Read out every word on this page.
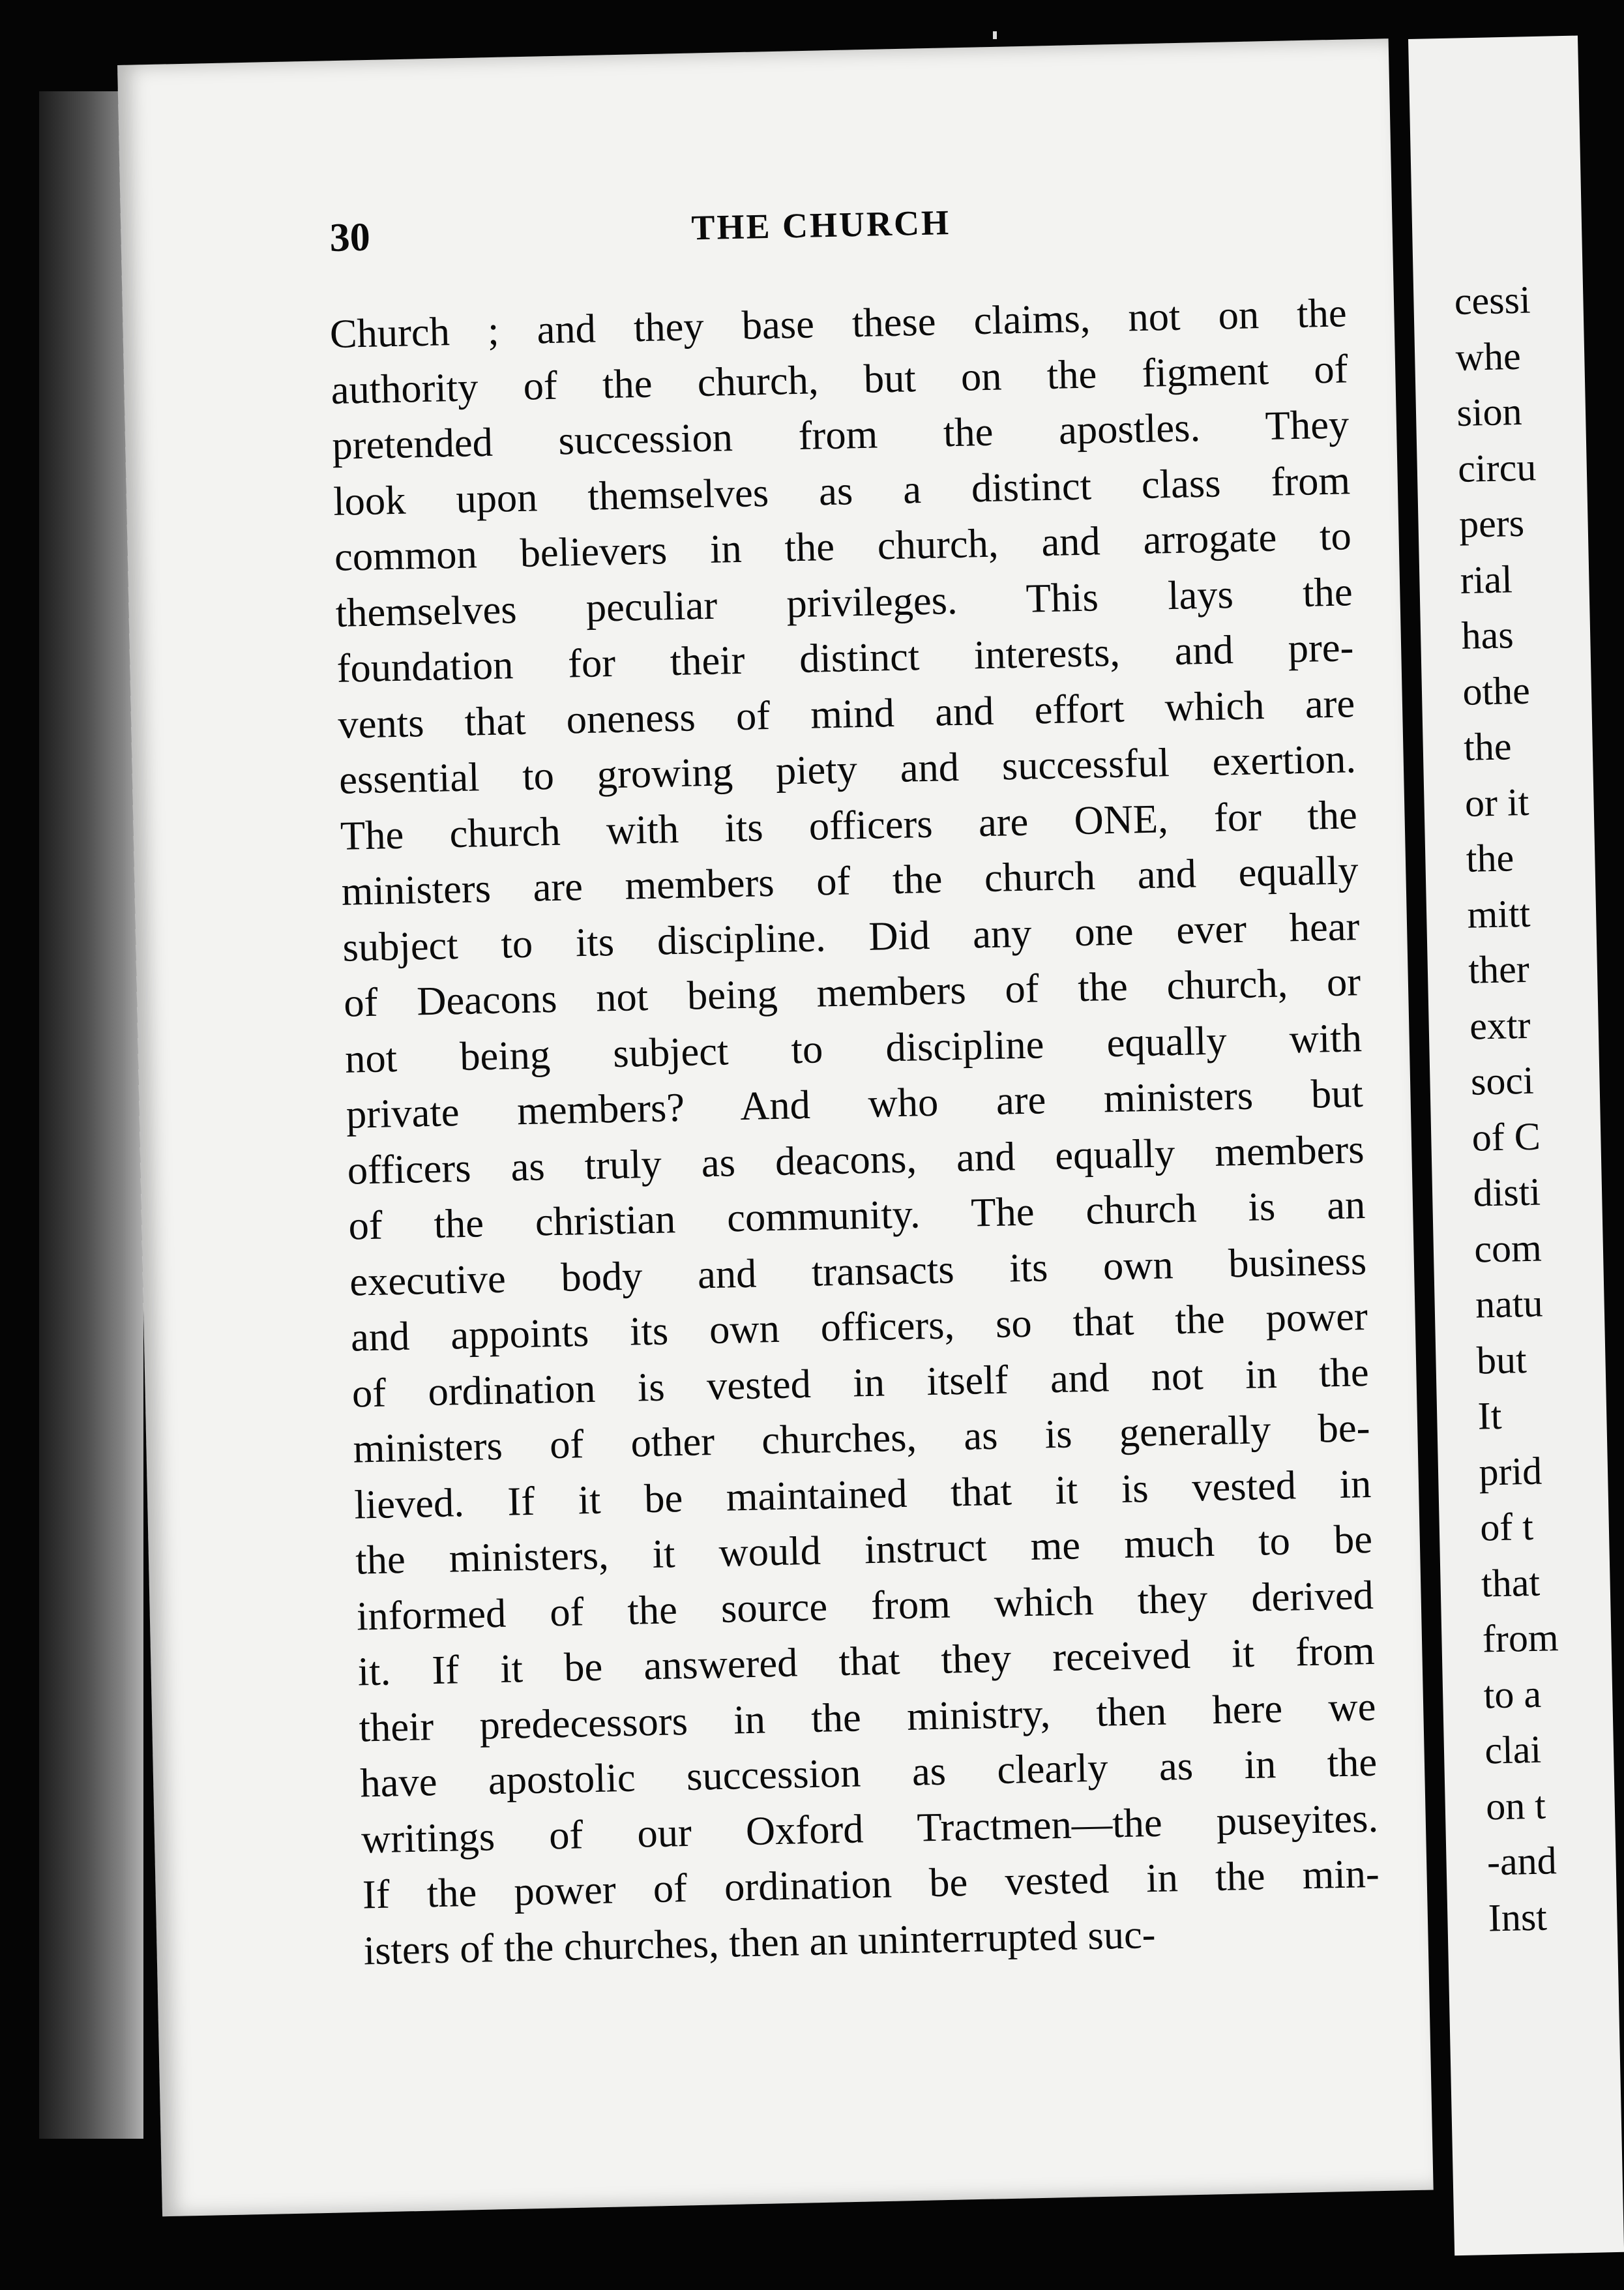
30	THE CHURCH
Church ; and they base these claims, not on the
authority of the church, but on the figment of
pretended succession from the apostles. They
look upon themselves as a distinct class from
common believers in the church, and arrogate to
themselves peculiar privileges. This lays the
foundation for their distinct interests, and pre-
vents that oneness of mind and effort which are
essential to growing piety and successful exertion.
The church with its officers are ONE, for the
ministers are members of the church and equally
subject to its discipline. Did any one ever hear
of Deacons not being members of the church, or
not being subject to discipline equally with
private members? And who are ministers but
officers as truly as deacons, and equally members
of the christian community. The church is an
executive body and transacts its own business
and appoints its own officers, so that the power
of ordination is vested in itself and not in the
ministers of other churches, as is generally be-
lieved. If it be maintained that it is vested in
the ministers, it would instruct me much to be
informed of the source from which they derived
it. If it be answered that they received it from
their predecessors in the ministry, then here we
have apostolic succession as clearly as in the
writings of our Oxford Tractmen—the puseyites.
If the power of ordination be vested in the min-
isters of the churches, then an uninterrupted suc-
cessi
whe
sion
circu
pers
rial
has
othe
the
or it
the
mitt
ther
extr
soci
of C
disti
com
natu
but
It
prid
of t
that
from
to a
clai
on t
-and
Inst
